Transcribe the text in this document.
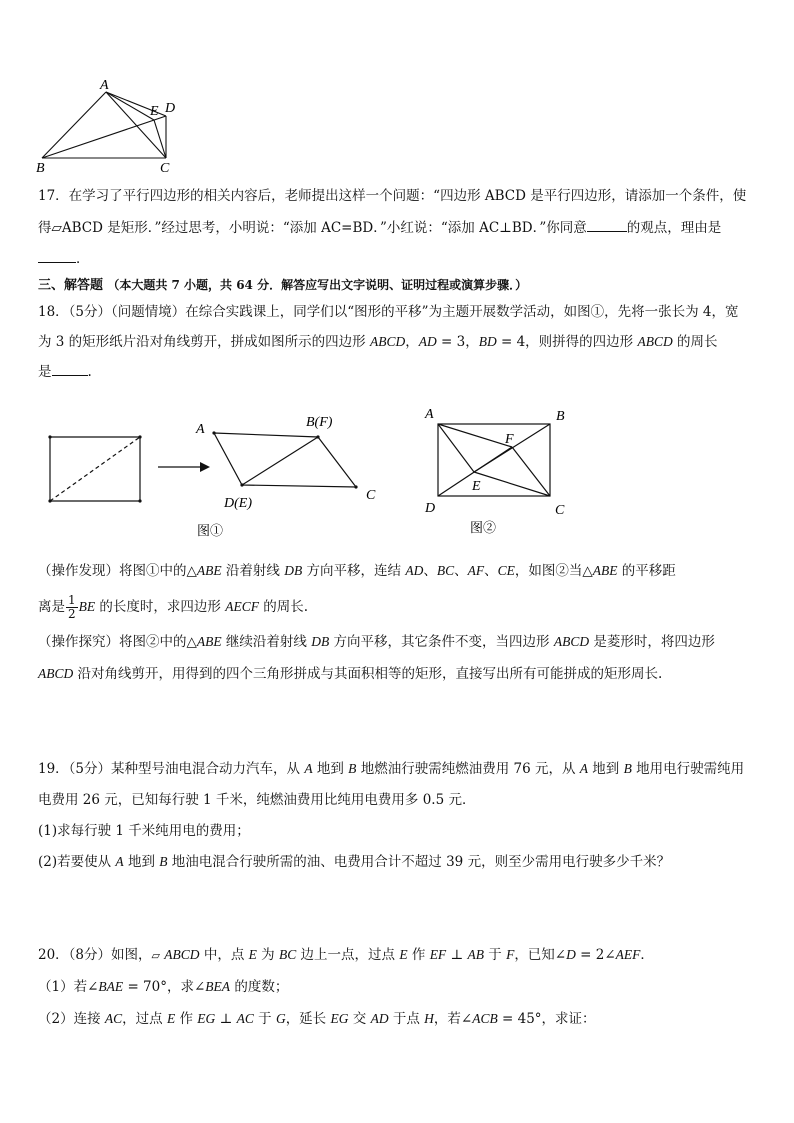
A
B	C
D
E
17．在学习了平行四边形的相关内容后，老师提出这样一个问题：“四边形 ABCD 是平行四边形，请添加一个条件，使
得▱ABCD 是矩形．”经过思考，小明说：“添加 AC=BD．”小红说：“添加 AC⊥BD．”你同意	的观点，理由是
．
三、解答题 （本大题共 7 小题，共 64 分．解答应写出文字说明、证明过程或演算步骤．）
18．（5分）（问题情境）在综合实践课上，同学们以“图形的平移”为主题开展数学活动，如图①，先将一张长为 4，宽
为 3 的矩形纸片沿对角线剪开，拼成如图所示的四边形 ABCD，AD = 3，BD = 4，则拼得的四边形 ABCD 的周长
是	.
A	B(F)
D(E)
C
图①
A	B
C
D
E
F
图②
（操作发现）将图①中的△ABE 沿着射线 DB 方向平移，连结 AD、BC、AF、CE，如图②当△ABE 的平移距
离是 $\frac{1}{2}$ BE 的长度时，求四边形 AECF 的周长.
（操作探究）将图②中的△ABE 继续沿着射线 DB 方向平移，其它条件不变，当四边形 ABCD 是菱形时，将四边形
ABCD 沿对角线剪开，用得到的四个三角形拼成与其面积相等的矩形，直接写出所有可能拼成的矩形周长.
19．（5分）某种型号油电混合动力汽车，从 A 地到 B 地燃油行驶需纯燃油费用 76 元，从 A 地到 B 地用电行驶需纯用
电费用 26 元，已知每行驶 1 千米，纯燃油费用比纯用电费用多 0.5 元．
(1)求每行驶 1 千米纯用电的费用；
(2)若要使从 A 地到 B 地油电混合行驶所需的油、电费用合计不超过 39 元，则至少需用电行驶多少千米？
20．（8分）如图，▱ ABCD 中，点 E 为 BC 边上一点，过点 E 作 EF ⊥ AB 于 F，已知∠D = 2∠AEF．
（1）若∠BAE = 70°，求∠BEA 的度数；
（2）连接 AC，过点 E 作 EG ⊥ AC 于 G，延长 EG 交 AD 于点 H，若∠ACB = 45°，求证：
